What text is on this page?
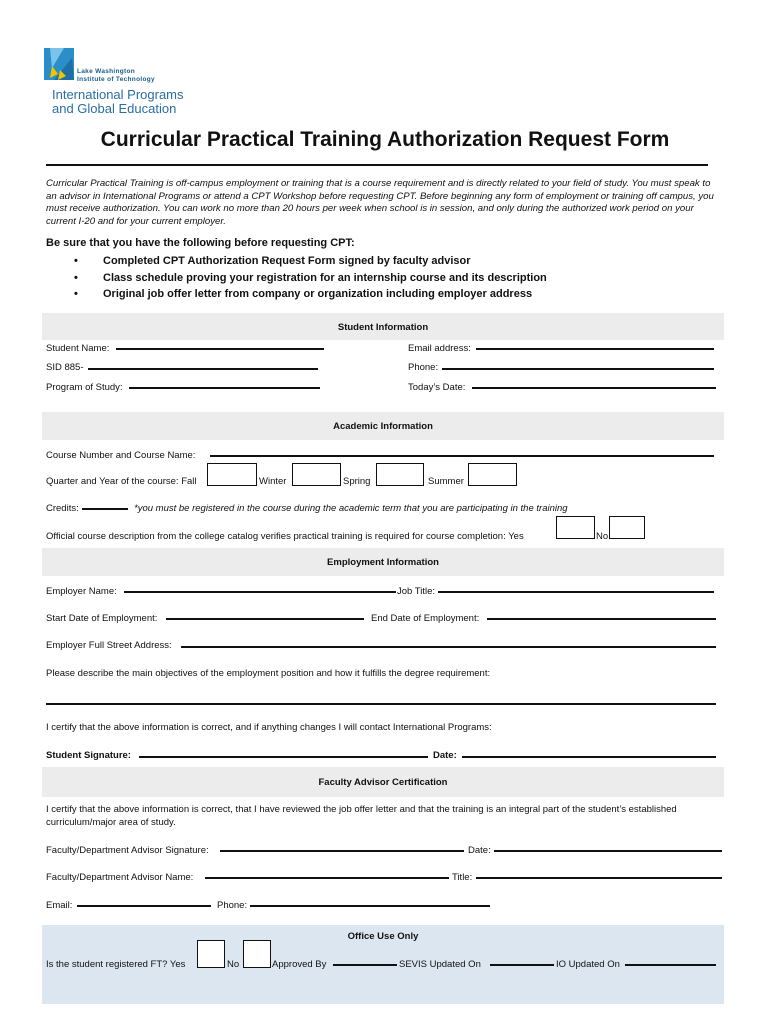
Lake Washington
Institute of Technology
International Programs
and Global Education
Curricular Practical Training Authorization Request Form
Curricular Practical Training is off-campus employment or training that is a course requirement and is directly related to your field of study. You must speak to an advisor in International Programs or attend a CPT Workshop before requesting CPT. Before beginning any form of employment or training off campus, you must receive authorization. You can work no more than 20 hours per week when school is in session, and only during the authorized work period on your current I-20 and for your current employer.
Be sure that you have the following before requesting CPT:
• Completed CPT Authorization Request Form signed by faculty advisor
• Class schedule proving your registration for an internship course and its description
• Original job offer letter from company or organization including employer address
Student Information
Student Name:	Email address:
SID 885-	Phone:
Program of Study:	Today’s Date:
Academic Information
Course Number and Course Name:
Quarter and Year of the course: Fall	Winter	Spring	Summer
Credits:	*you must be registered in the course during the academic term that you are participating in the training
Official course description from the college catalog verifies practical training is required for course completion: Yes	No
Employment Information
Employer Name:	Job Title:
Start Date of Employment:	End Date of Employment:
Employer Full Street Address:
Please describe the main objectives of the employment position and how it fulfills the degree requirement:
I certify that the above information is correct, and if anything changes I will contact International Programs:
Student Signature:	Date:
Faculty Advisor Certification
I certify that the above information is correct, that I have reviewed the job offer letter and that the training is an integral part of the student’s established curriculum/major area of study.
Faculty/Department Advisor Signature:	Date:
Faculty/Department Advisor Name:	Title:
Email:	Phone:
Office Use Only
Is the student registered FT? Yes	No	Approved By	SEVIS Updated On	IO Updated On
